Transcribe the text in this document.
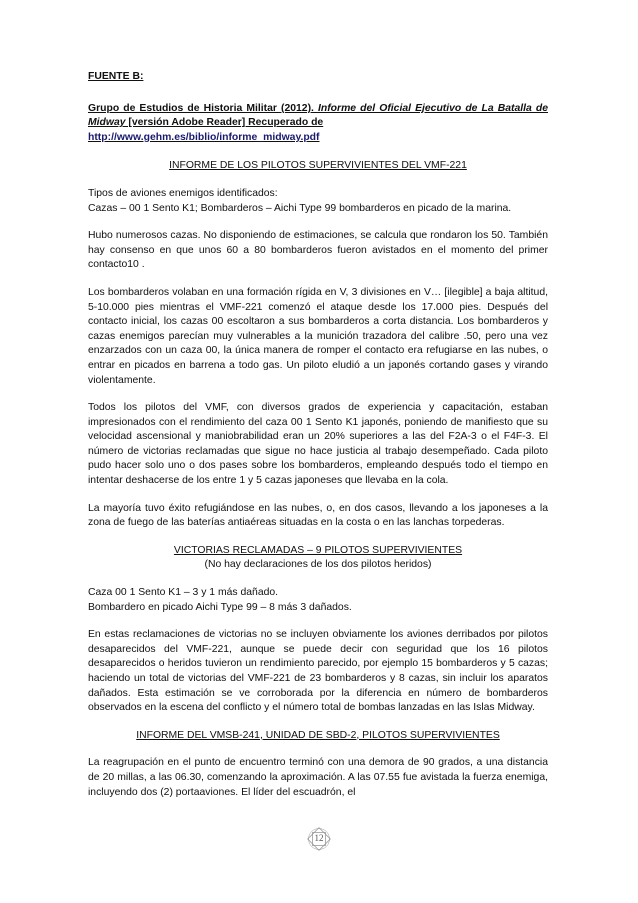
FUENTE B:
Grupo de Estudios de Historia Militar (2012). Informe del Oficial Ejecutivo de La Batalla de Midway [versión Adobe Reader] Recuperado de
http://www.gehm.es/biblio/informe_midway.pdf
INFORME DE LOS PILOTOS SUPERVIVIENTES DEL VMF-221

Tipos de aviones enemigos identificados:

Cazas – 00 1 Sento K1; Bombarderos – Aichi Type 99 bombarderos en picado de la marina.

Hubo numerosos cazas. No disponiendo de estimaciones, se calcula que rondaron los 50. También hay consenso en que unos 60 a 80 bombarderos fueron avistados en el momento del primer contacto10 .

Los bombarderos volaban en una formación rígida en V, 3 divisiones en V… [ilegible] a baja altitud, 5-10.000 pies mientras el VMF-221 comenzó el ataque desde los 17.000 pies. Después del contacto inicial, los cazas 00 escoltaron a sus bombarderos a corta distancia. Los bombarderos y cazas enemigos parecían muy vulnerables a la munición trazadora del calibre .50, pero una vez enzarzados con un caza 00, la única manera de romper el contacto era refugiarse en las nubes, o entrar en picados en barrena a todo gas. Un piloto eludió a un japonés cortando gases y virando violentamente.

Todos los pilotos del VMF, con diversos grados de experiencia y capacitación, estaban impresionados con el rendimiento del caza 00 1 Sento K1 japonés, poniendo de manifiesto que su velocidad ascensional y maniobrabilidad eran un 20% superiores a las del F2A-3 o el F4F-3. El número de victorias reclamadas que sigue no hace justicia al trabajo desempeñado. Cada piloto pudo hacer solo uno o dos pases sobre los bombarderos, empleando después todo el tiempo en intentar deshacerse de los entre 1 y 5 cazas japoneses que llevaba en la cola.

La mayoría tuvo éxito refugiándose en las nubes, o, en dos casos, llevando a los japoneses a la zona de fuego de las baterías antiaéreas situadas en la costa o en las lanchas torpederas.

VICTORIAS RECLAMADAS – 9 PILOTOS SUPERVIVIENTES
(No hay declaraciones de los dos pilotos heridos)

Caza 00 1 Sento K1 – 3 y 1 más dañado.

Bombardero en picado Aichi Type 99 – 8 más 3 dañados.

En estas reclamaciones de victorias no se incluyen obviamente los aviones derribados por pilotos desaparecidos del VMF-221, aunque se puede decir con seguridad que los 16 pilotos desaparecidos o heridos tuvieron un rendimiento parecido, por ejemplo 15 bombarderos y 5 cazas; haciendo un total de victorias del VMF-221 de 23 bombarderos y 8 cazas, sin incluir los aparatos dañados. Esta estimación se ve corroborada por la diferencia en número de bombarderos observados en la escena del conflicto y el número total de bombas lanzadas en las Islas Midway.

INFORME DEL VMSB-241, UNIDAD DE SBD-2, PILOTOS SUPERVIVIENTES

La reagrupación en el punto de encuentro terminó con una demora de 90 grados, a una distancia de 20 millas, a las 06.30, comenzando la aproximación. A las 07.55 fue avistada la fuerza enemiga, incluyendo dos (2) portaaviones. El líder del escuadrón, el

12
